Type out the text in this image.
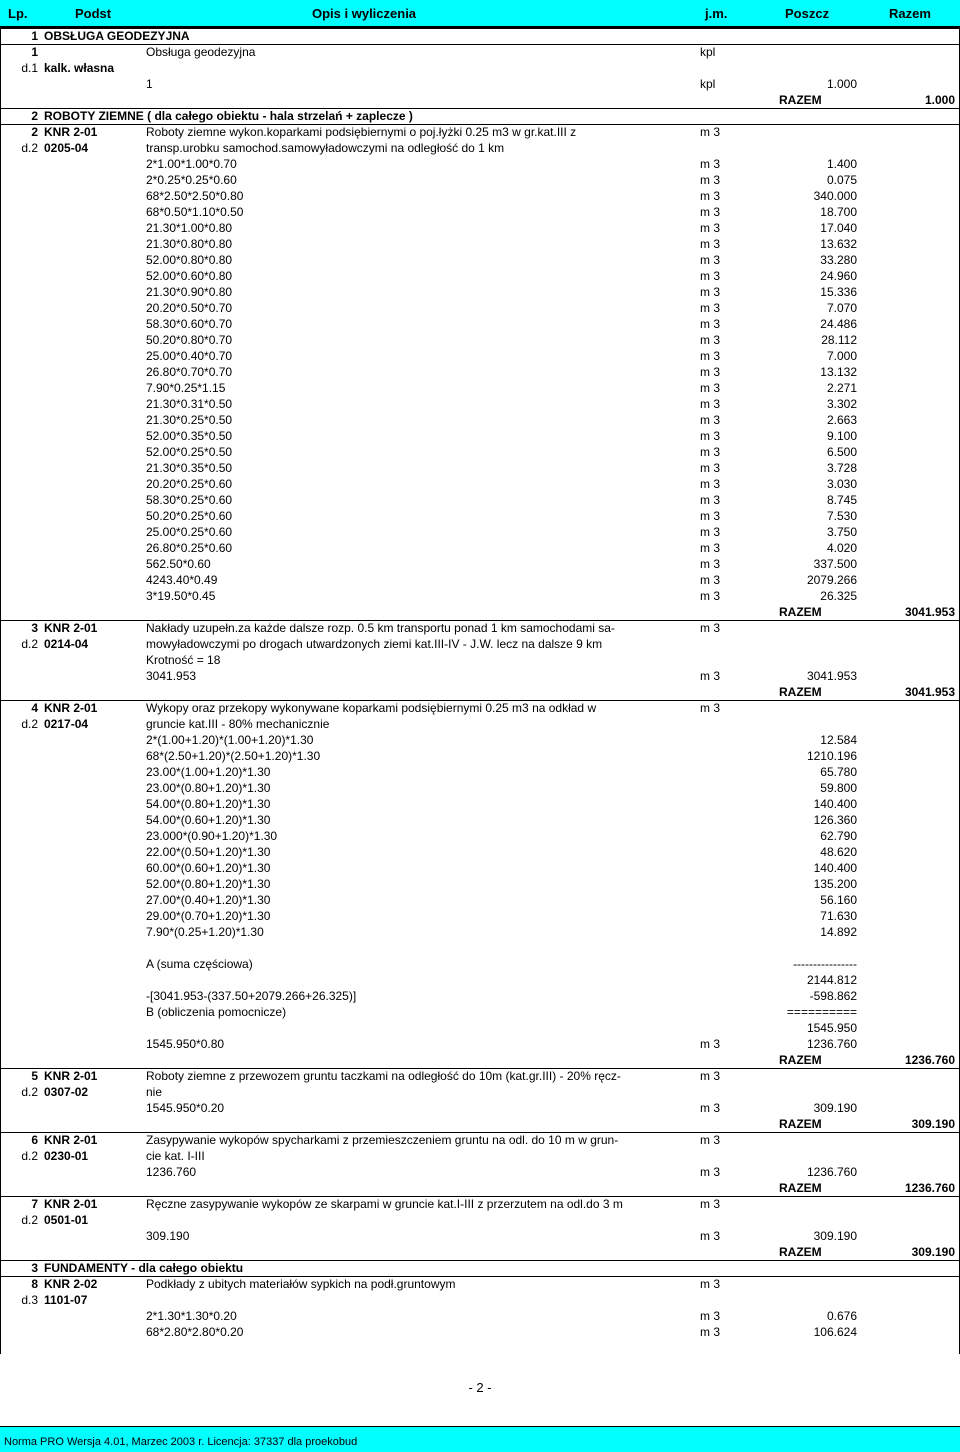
Lp.	Podst	Opis i wyliczenia	j.m.	Poszcz	Razem
1 OBSŁUGA GEODEZYJNA
1	Obsługa geodezyjna	kpl
d.1 kalk. własna
1	kpl	1.000
RAZEM	1.000
2 ROBOTY ZIEMNE ( dla całego obiektu - hala strzelań + zaplecze )
2 KNR 2-01	Roboty ziemne wykon.koparkami podsiębiernymi o poj.łyżki 0.25 m3 w gr.kat.III z	m 3
d.2 0205-04	transp.urobku samochod.samowyładowczymi na odległość do 1 km
2*1.00*1.00*0.70	m 3	1.400
2*0.25*0.25*0.60	m 3	0.075
68*2.50*2.50*0.80	m 3	340.000
68*0.50*1.10*0.50	m 3	18.700
21.30*1.00*0.80	m 3	17.040
21.30*0.80*0.80	m 3	13.632
52.00*0.80*0.80	m 3	33.280
52.00*0.60*0.80	m 3	24.960
21.30*0.90*0.80	m 3	15.336
20.20*0.50*0.70	m 3	7.070
58.30*0.60*0.70	m 3	24.486
50.20*0.80*0.70	m 3	28.112
25.00*0.40*0.70	m 3	7.000
26.80*0.70*0.70	m 3	13.132
7.90*0.25*1.15	m 3	2.271
21.30*0.31*0.50	m 3	3.302
21.30*0.25*0.50	m 3	2.663
52.00*0.35*0.50	m 3	9.100
52.00*0.25*0.50	m 3	6.500
21.30*0.35*0.50	m 3	3.728
20.20*0.25*0.60	m 3	3.030
58.30*0.25*0.60	m 3	8.745
50.20*0.25*0.60	m 3	7.530
25.00*0.25*0.60	m 3	3.750
26.80*0.25*0.60	m 3	4.020
562.50*0.60	m 3	337.500
4243.40*0.49	m 3	2079.266
3*19.50*0.45	m 3	26.325
RAZEM	3041.953
3 KNR 2-01	Nakłady uzupełn.za każde dalsze rozp. 0.5 km transportu ponad 1 km samochodami sa-	m 3
d.2 0214-04	mowyładowczymi po drogach utwardzonych ziemi kat.III-IV - J.W. lecz na dalsze 9 km
Krotność = 18
3041.953	m 3	3041.953
RAZEM	3041.953
4 KNR 2-01	Wykopy oraz przekopy wykonywane koparkami podsiębiernymi 0.25 m3 na odkład w	m 3
d.2 0217-04	gruncie kat.III - 80% mechanicznie
2*(1.00+1.20)*(1.00+1.20)*1.30	12.584
68*(2.50+1.20)*(2.50+1.20)*1.30	1210.196
23.00*(1.00+1.20)*1.30	65.780
23.00*(0.80+1.20)*1.30	59.800
54.00*(0.80+1.20)*1.30	140.400
54.00*(0.60+1.20)*1.30	126.360
23.000*(0.90+1.20)*1.30	62.790
22.00*(0.50+1.20)*1.30	48.620
60.00*(0.60+1.20)*1.30	140.400
52.00*(0.80+1.20)*1.30	135.200
27.00*(0.40+1.20)*1.30	56.160
29.00*(0.70+1.20)*1.30	71.630
7.90*(0.25+1.20)*1.30	14.892
A (suma częściowa)	----------------
2144.812
-[3041.953-(337.50+2079.266+26.325)]	-598.862
B (obliczenia pomocnicze)	==========
1545.950
1545.950*0.80	m 3	1236.760
RAZEM	1236.760
5 KNR 2-01	Roboty ziemne z przewozem gruntu taczkami na odległość do 10m (kat.gr.III) - 20% ręcz-	m 3
d.2 0307-02	nie
1545.950*0.20	m 3	309.190
RAZEM	309.190
6 KNR 2-01	Zasypywanie wykopów spycharkami z przemieszczeniem gruntu na odl. do 10 m w grun-	m 3
d.2 0230-01	cie kat. I-III
1236.760	m 3	1236.760
RAZEM	1236.760
7 KNR 2-01	Ręczne zasypywanie wykopów ze skarpami w gruncie kat.I-III z przerzutem na odl.do 3 m	m 3
d.2 0501-01
309.190	m 3	309.190
RAZEM	309.190
3 FUNDAMENTY - dla całego obiektu
8 KNR 2-02	Podkłady z ubitych materiałów sypkich na podł.gruntowym	m 3
d.3 1101-07
2*1.30*1.30*0.20	m 3	0.676
68*2.80*2.80*0.20	m 3	106.624
- 2 -
Norma PRO Wersja 4.01, Marzec 2003 r. Licencja: 37337 dla proekobud
